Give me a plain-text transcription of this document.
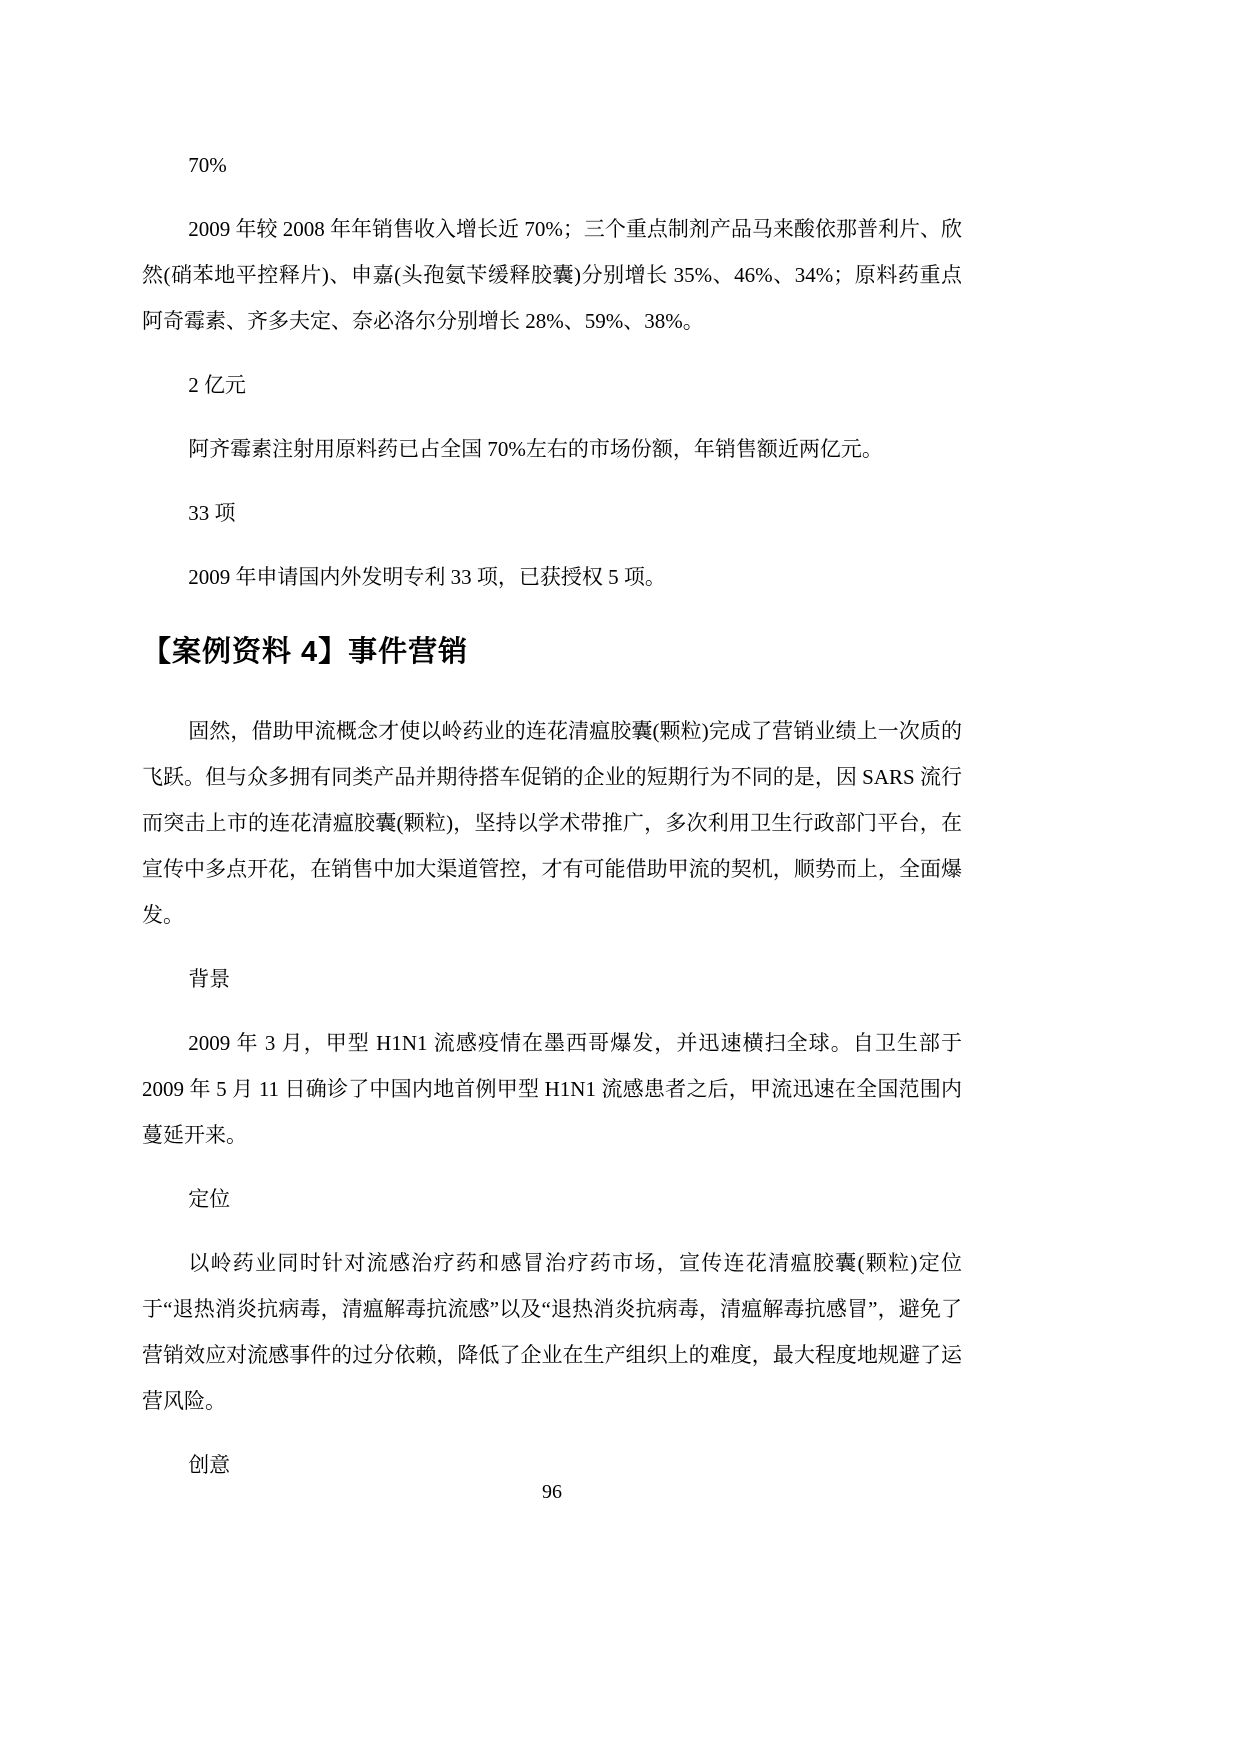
70%

2009 年较 2008 年年销售收入增长近 70%；三个重点制剂产品马来酸依那普利片、欣然(硝苯地平控释片)、申嘉(头孢氨苄缓释胶囊)分别增长 35%、46%、34%；原料药重点阿奇霉素、齐多夫定、奈必洛尔分别增长 28%、59%、38%。

2 亿元

阿齐霉素注射用原料药已占全国 70%左右的市场份额，年销售额近两亿元。

33 项

2009 年申请国内外发明专利 33 项，已获授权 5 项。

【案例资料 4】事件营销

固然，借助甲流概念才使以岭药业的连花清瘟胶囊(颗粒)完成了营销业绩上一次质的飞跃。但与众多拥有同类产品并期待搭车促销的企业的短期行为不同的是，因 SARS 流行而突击上市的连花清瘟胶囊(颗粒)，坚持以学术带推广，多次利用卫生行政部门平台，在宣传中多点开花，在销售中加大渠道管控，才有可能借助甲流的契机，顺势而上，全面爆发。

背景

2009 年 3 月，甲型 H1N1 流感疫情在墨西哥爆发，并迅速横扫全球。自卫生部于 2009 年 5 月 11 日确诊了中国内地首例甲型 H1N1 流感患者之后，甲流迅速在全国范围内蔓延开来。

定位

以岭药业同时针对流感治疗药和感冒治疗药市场，宣传连花清瘟胶囊(颗粒)定位于“退热消炎抗病毒，清瘟解毒抗流感”以及“退热消炎抗病毒，清瘟解毒抗感冒”，避免了营销效应对流感事件的过分依赖，降低了企业在生产组织上的难度，最大程度地规避了运营风险。

创意
96
